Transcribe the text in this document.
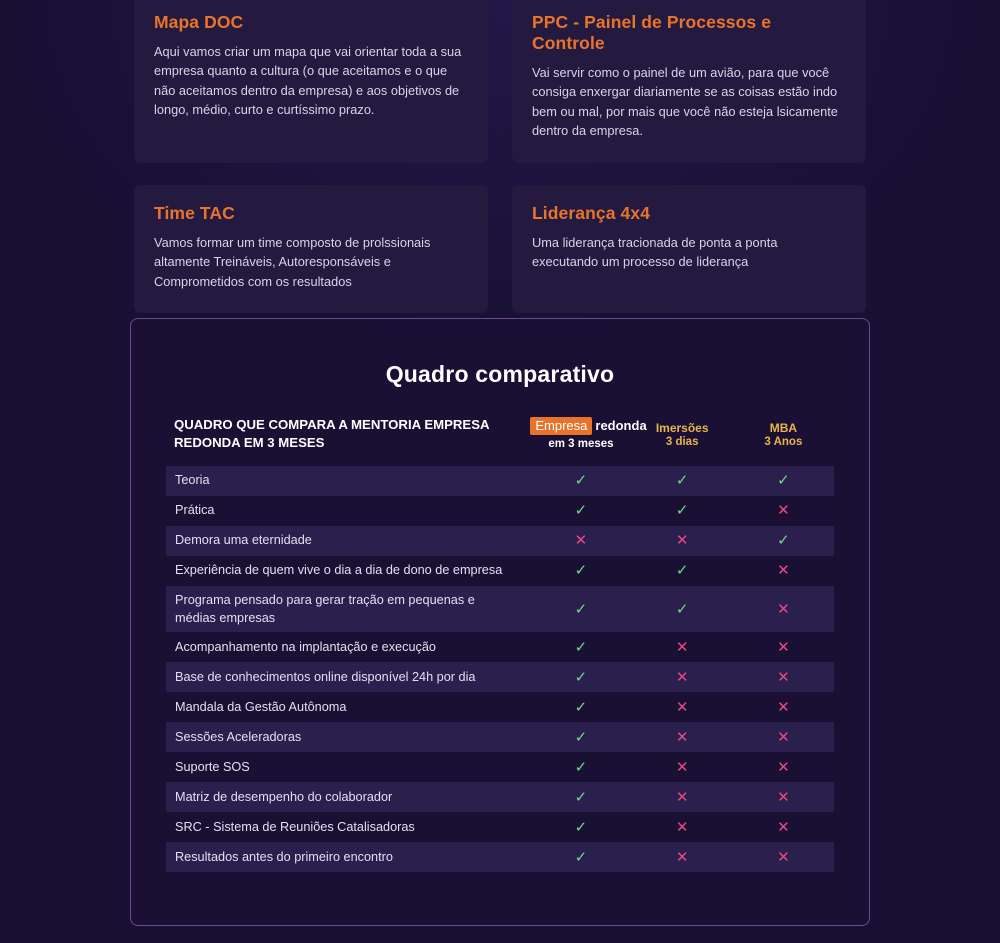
Mapa DOC
Aqui vamos criar um mapa que vai orientar toda a sua empresa quanto a cultura (o que aceitamos e o que não aceitamos dentro da empresa) e aos objetivos de longo, médio, curto e curtíssimo prazo.
PPC - Painel de Processos e Controle
Vai servir como o painel de um avião, para que você consiga enxergar diariamente se as coisas estão indo bem ou mal, por mais que você não esteja lsicamente dentro da empresa.
Time TAC
Vamos formar um time composto de prolssionais altamente Treináveis, Autoresponsáveis e Comprometidos com os resultados
Liderança 4x4
Uma liderança tracionada de ponta a ponta executando um processo de liderança
Quadro comparativo
QUADRO QUE COMPARA A MENTORIA EMPRESA REDONDA EM 3 MESES	
Empresa redonda
em 3 meses

Imersões
3 dias

MBA
3 Anos

Teoria	✓	✓	✓
Prática	✓	✓	✕
Demora uma eternidade	✕	✕	✓
Experiência de quem vive o dia a dia de dono de empresa	✓	✓	✕
Programa pensado para gerar tração em pequenas e médias empresas	✓	✓	✕
Acompanhamento na implantação e execução	✓	✕	✕
Base de conhecimentos online disponível 24h por dia	✓	✕	✕
Mandala da Gestão Autônoma	✓	✕	✕
Sessões Aceleradoras	✓	✕	✕
Suporte SOS	✓	✕	✕
Matriz de desempenho do colaborador	✓	✕	✕
SRC - Sistema de Reuniões Catalisadoras	✓	✕	✕
Resultados antes do primeiro encontro	✓	✕	✕
